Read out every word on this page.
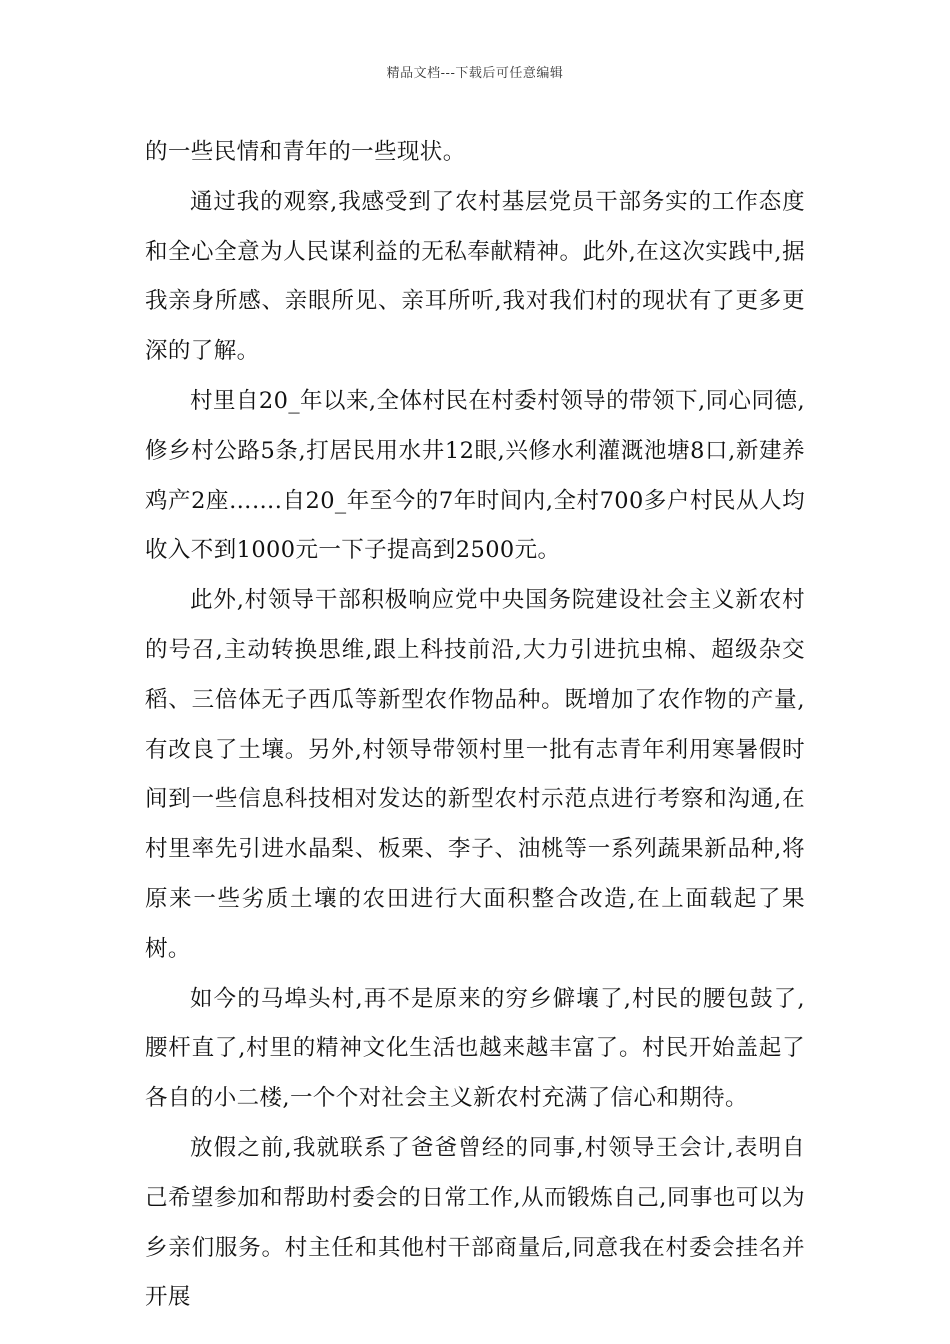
精品文档---下载后可任意编辑

的一些民情和青年的一些现状。

通过我的观察,我感受到了农村基层党员干部务实的工作态度和全心全意为人民谋利益的无私奉献精神。此外,在这次实践中,据我亲身所感、亲眼所见、亲耳所听,我对我们村的现状有了更多更深的了解。

村里自20_年以来,全体村民在村委村领导的带领下,同心同德,修乡村公路5条,打居民用水井12眼,兴修水利灌溉池塘8口,新建养鸡产2座…….自20_年至今的7年时间内,全村700多户村民从人均收入不到1000元一下子提高到2500元。

此外,村领导干部积极响应党中央国务院建设社会主义新农村的号召,主动转换思维,跟上科技前沿,大力引进抗虫棉、超级杂交稻、三倍体无子西瓜等新型农作物品种。既增加了农作物的产量,有改良了土壤。另外,村领导带领村里一批有志青年利用寒暑假时间到一些信息科技相对发达的新型农村示范点进行考察和沟通,在村里率先引进水晶梨、板栗、李子、油桃等一系列蔬果新品种,将原来一些劣质土壤的农田进行大面积整合改造,在上面载起了果树。

如今的马埠头村,再不是原来的穷乡僻壤了,村民的腰包鼓了,腰杆直了,村里的精神文化生活也越来越丰富了。村民开始盖起了各自的小二楼,一个个对社会主义新农村充满了信心和期待。

放假之前,我就联系了爸爸曾经的同事,村领导王会计,表明自己希望参加和帮助村委会的日常工作,从而锻炼自己,同事也可以为乡亲们服务。村主任和其他村干部商量后,同意我在村委会挂名并开展
